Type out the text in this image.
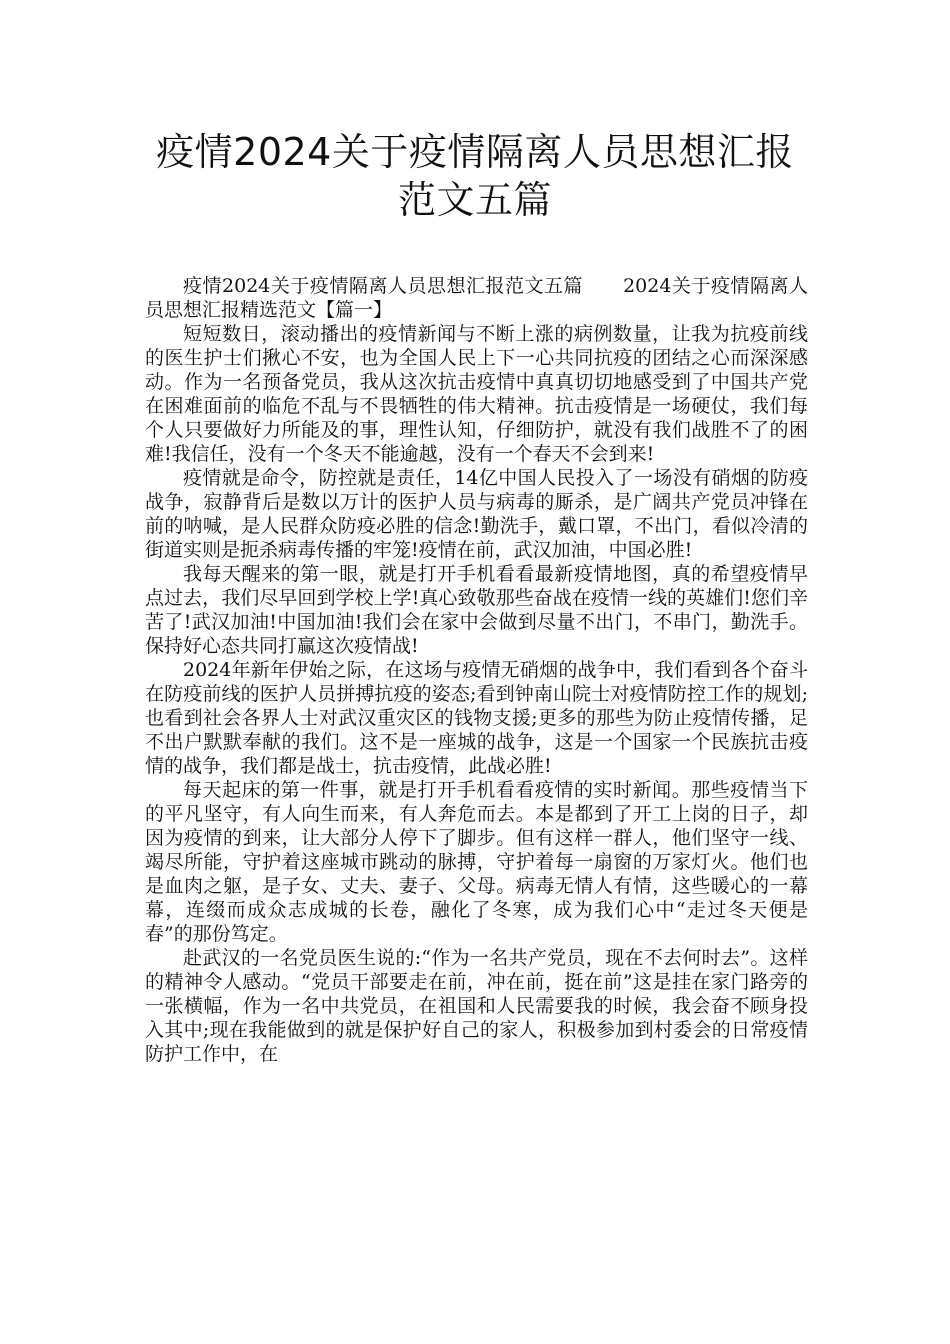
疫情2024关于疫情隔离人员思想汇报
范文五篇

疫情2024关于疫情隔离人员思想汇报范文五篇 2024关于疫情隔离人员思想汇报精选范文【篇一】

短短数日，滚动播出的疫情新闻与不断上涨的病例数量，让我为抗疫前线的医生护士们揪心不安，也为全国人民上下一心共同抗疫的团结之心而深深感动。作为一名预备党员，我从这次抗击疫情中真真切切地感受到了中国共产党在困难面前的临危不乱与不畏牺牲的伟大精神。抗击疫情是一场硬仗，我们每个人只要做好力所能及的事，理性认知，仔细防护，就没有我们战胜不了的困难!我信任，没有一个冬天不能逾越，没有一个春天不会到来!

疫情就是命令，防控就是责任，14亿中国人民投入了一场没有硝烟的防疫战争，寂静背后是数以万计的医护人员与病毒的厮杀，是广阔共产党员冲锋在前的呐喊，是人民群众防疫必胜的信念!勤洗手，戴口罩，不出门，看似冷清的街道实则是扼杀病毒传播的牢笼!疫情在前，武汉加油，中国必胜!

我每天醒来的第一眼，就是打开手机看看最新疫情地图，真的希望疫情早点过去，我们尽早回到学校上学!真心致敬那些奋战在疫情一线的英雄们!您们辛苦了!武汉加油!中国加油!我们会在家中会做到尽量不出门，不串门，勤洗手。保持好心态共同打赢这次疫情战!

2024年新年伊始之际，在这场与疫情无硝烟的战争中，我们看到各个奋斗在防疫前线的医护人员拼搏抗疫的姿态;看到钟南山院士对疫情防控工作的规划;也看到社会各界人士对武汉重灾区的钱物支援;更多的那些为防止疫情传播，足不出户默默奉献的我们。这不是一座城的战争，这是一个国家一个民族抗击疫情的战争，我们都是战士，抗击疫情，此战必胜!

每天起床的第一件事，就是打开手机看看疫情的实时新闻。那些疫情当下的平凡坚守，有人向生而来，有人奔危而去。本是都到了开工上岗的日子，却因为疫情的到来，让大部分人停下了脚步。但有这样一群人，他们坚守一线、竭尽所能，守护着这座城市跳动的脉搏，守护着每一扇窗的万家灯火。他们也是血肉之躯，是子女、丈夫、妻子、父母。病毒无情人有情，这些暖心的一幕幕，连缀而成众志成城的长卷，融化了冬寒，成为我们心中“走过冬天便是春”的那份笃定。

赴武汉的一名党员医生说的:“作为一名共产党员，现在不去何时去”。这样的精神令人感动。“党员干部要走在前，冲在前，挺在前”这是挂在家门路旁的一张横幅，作为一名中共党员，在祖国和人民需要我的时候，我会奋不顾身投入其中;现在我能做到的就是保护好自己的家人，积极参加到村委会的日常疫情防护工作中，在
